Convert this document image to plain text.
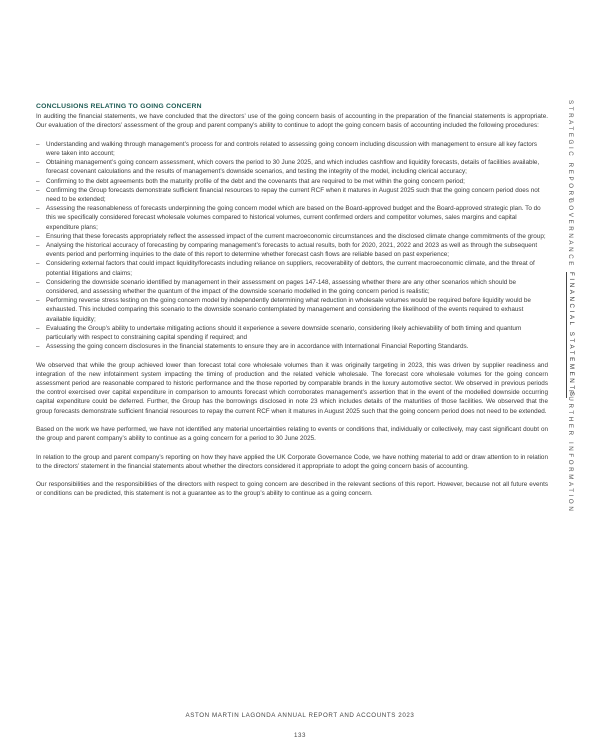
CONCLUSIONS RELATING TO GOING CONCERN

In auditing the financial statements, we have concluded that the directors’ use of the going concern basis of accounting in the preparation of the financial statements is appropriate. Our evaluation of the directors’ assessment of the group and parent company’s ability to continue to adopt the going concern basis of accounting included the following procedures:

– Understanding and walking through management’s process for and controls related to assessing going concern including discussion with management to ensure all key factors were taken into account;
– Obtaining management’s going concern assessment, which covers the period to 30 June 2025, and which includes cashflow and liquidity forecasts, details of facilities available, forecast covenant calculations and the results of management’s downside scenarios, and testing the integrity of the model, including clerical accuracy;
– Confirming to the debt agreements both the maturity profile of the debt and the covenants that are required to be met within the going concern period;
– Confirming the Group forecasts demonstrate sufficient financial resources to repay the current RCF when it matures in August 2025 such that the going concern period does not need to be extended;
– Assessing the reasonableness of forecasts underpinning the going concern model which are based on the Board-approved budget and the Board-approved strategic plan. To do this we specifically considered forecast wholesale volumes compared to historical volumes, current confirmed orders and competitor volumes, sales margins and capital expenditure plans;
– Ensuring that these forecasts appropriately reflect the assessed impact of the current macroeconomic circumstances and the disclosed climate change commitments of the group;
– Analysing the historical accuracy of forecasting by comparing management’s forecasts to actual results, both for 2020, 2021, 2022 and 2023 as well as through the subsequent events period and performing inquiries to the date of this report to determine whether forecast cash flows are reliable based on past experience;
– Considering external factors that could impact liquidity/forecasts including reliance on suppliers, recoverability of debtors, the current macroeconomic climate, and the threat of potential litigations and claims;
– Considering the downside scenario identified by management in their assessment on pages 147-148, assessing whether there are any other scenarios which should be considered, and assessing whether the quantum of the impact of the downside scenario modelled in the going concern period is realistic;
– Performing reverse stress testing on the going concern model by independently determining what reduction in wholesale volumes would be required before liquidity would be exhausted. This included comparing this scenario to the downside scenario contemplated by management and considering the likelihood of the events required to exhaust available liquidity;
– Evaluating the Group’s ability to undertake mitigating actions should it experience a severe downside scenario, considering likely achievability of both timing and quantum particularly with respect to constraining capital spending if required; and
– Assessing the going concern disclosures in the financial statements to ensure they are in accordance with International Financial Reporting Standards.

We observed that while the group achieved lower than forecast total core wholesale volumes than it was originally targeting in 2023, this was driven by supplier readiness and integration of the new infotainment system impacting the timing of production and the related vehicle wholesale. The forecast core wholesale volumes for the going concern assessment period are reasonable compared to historic performance and the those reported by comparable brands in the luxury automotive sector. We observed in previous periods the control exercised over capital expenditure in comparison to amounts forecast which corroborates management’s assertion that in the event of the modelled downside occurring capital expenditure could be deferred. Further, the Group has the borrowings disclosed in note 23 which includes details of the maturities of those facilities. We observed that the group forecasts demonstrate sufficient financial resources to repay the current RCF when it matures in August 2025 such that the going concern period does not need to be extended.

Based on the work we have performed, we have not identified any material uncertainties relating to events or conditions that, individually or collectively, may cast significant doubt on the group and parent company’s ability to continue as a going concern for a period to 30 June 2025.

In relation to the group and parent company’s reporting on how they have applied the UK Corporate Governance Code, we have nothing material to add or draw attention to in relation to the directors’ statement in the financial statements about whether the directors considered it appropriate to adopt the going concern basis of accounting.

Our responsibilities and the responsibilities of the directors with respect to going concern are described in the relevant sections of this report. However, because not all future events or conditions can be predicted, this statement is not a guarantee as to the group’s ability to continue as a going concern.

STRATEGIC REPORT
GOVERNANCE
FINANCIAL STATEMENTS
FURTHER INFORMATION
ASTON MARTIN LAGONDA ANNUAL REPORT AND ACCOUNTS 2023
133
